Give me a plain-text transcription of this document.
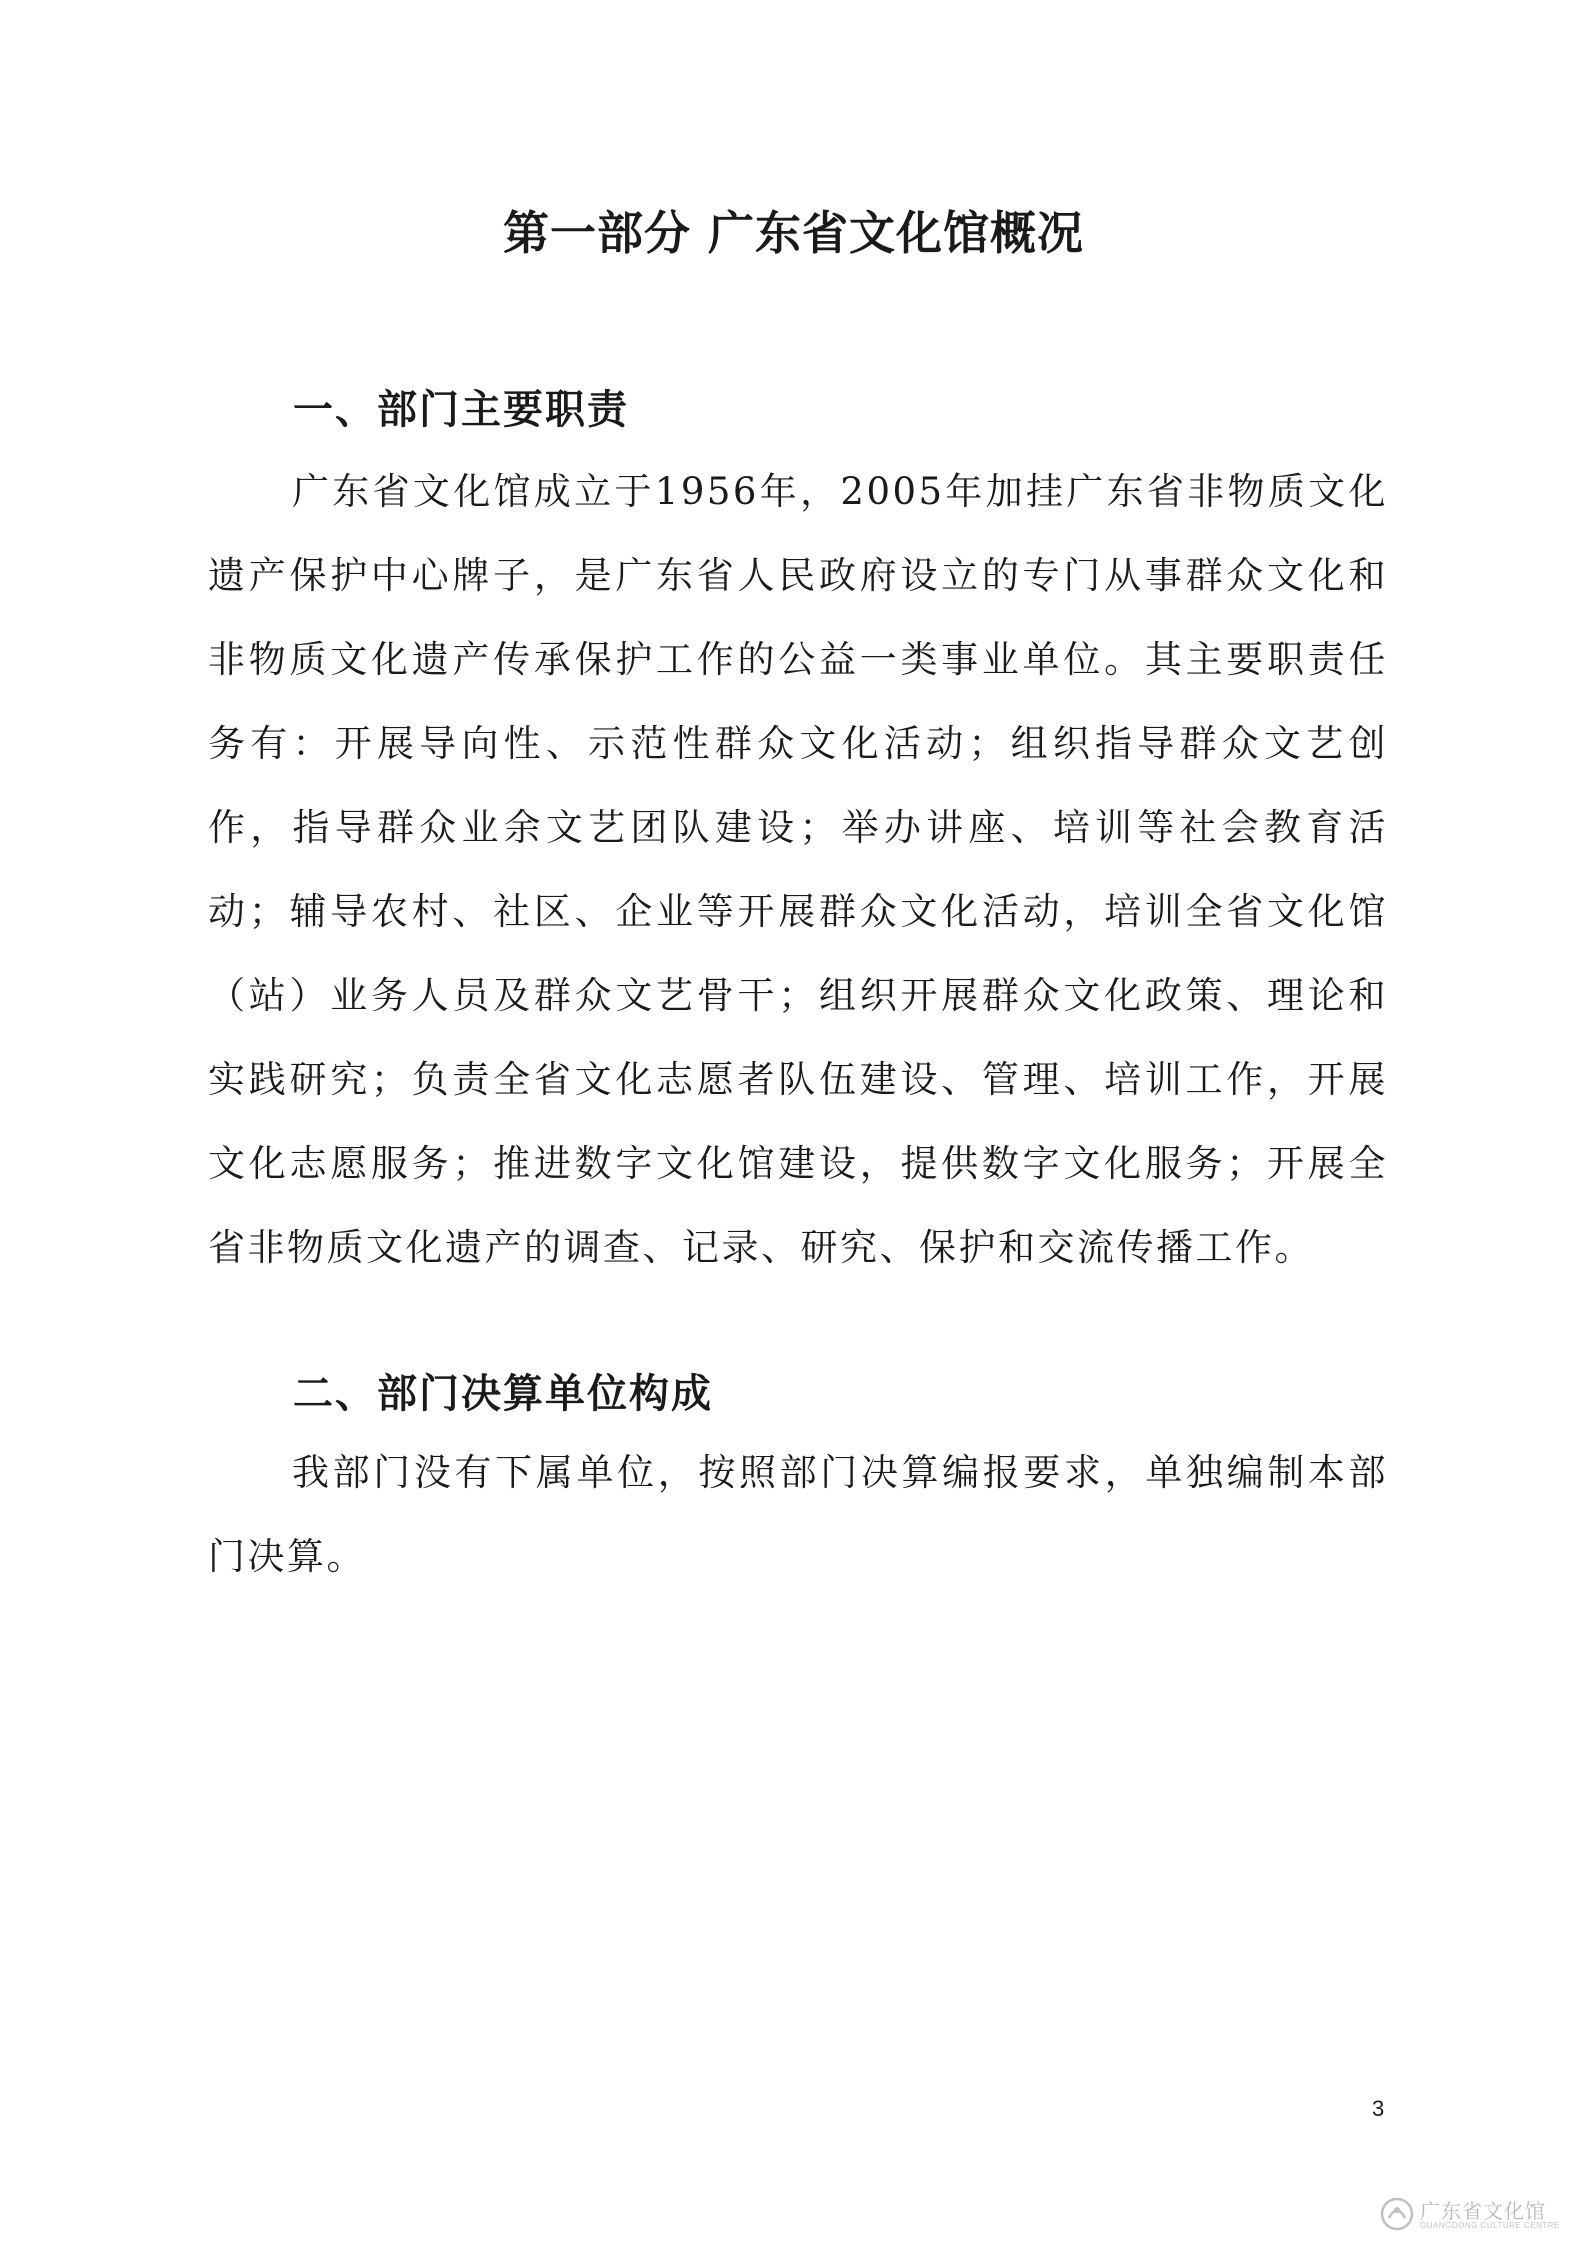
第一部分 广东省文化馆概况
一、部门主要职责

广东省文化馆成立于1956年，2005年加挂广东省非物质文化遗产保护中心牌子，是广东省人民政府设立的专门从事群众文化和非物质文化遗产传承保护工作的公益一类事业单位。其主要职责任务有：开展导向性、示范性群众文化活动；组织指导群众文艺创作，指导群众业余文艺团队建设；举办讲座、培训等社会教育活动；辅导农村、社区、企业等开展群众文化活动，培训全省文化馆（站）业务人员及群众文艺骨干；组织开展群众文化政策、理论和实践研究；负责全省文化志愿者队伍建设、管理、培训工作，开展文化志愿服务；推进数字文化馆建设，提供数字文化服务；开展全省非物质文化遗产的调查、记录、研究、保护和交流传播工作。

二、部门决算单位构成

我部门没有下属单位，按照部门决算编报要求，单独编制本部门决算。

3
广东省文化馆
GUANGDONG CULTURE CENTRE
